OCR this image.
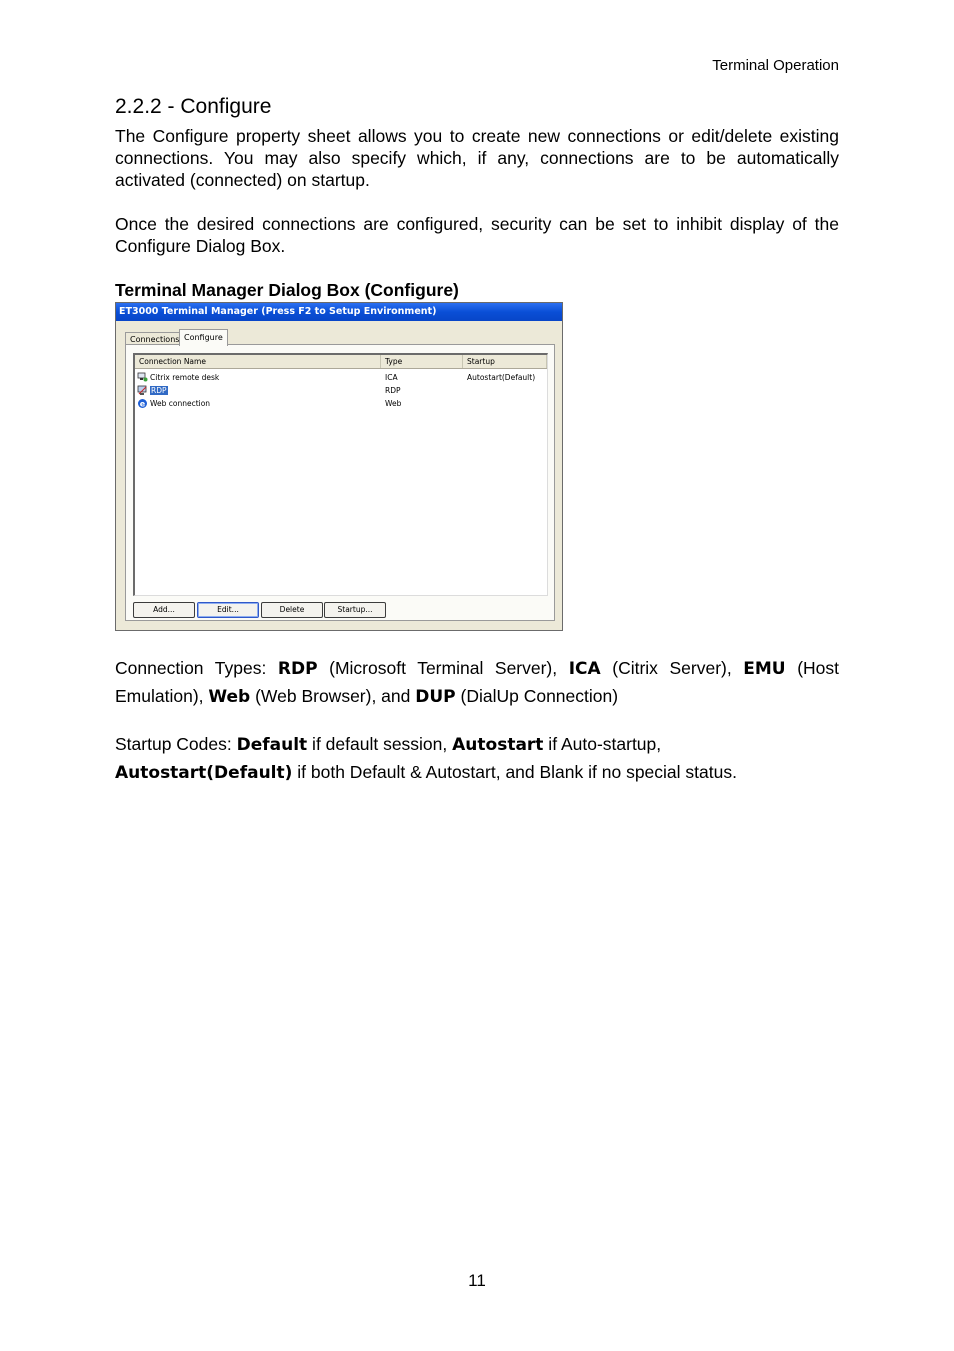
Terminal Operation
2.2.2 - Configure
The Configure property sheet allows you to create new connections or edit/delete existing connections. You may also specify which, if any, connections are to be automatically activated (connected) on startup.
Once the desired connections are configured, security can be set to inhibit display of the Configure Dialog Box.
Terminal Manager Dialog Box (Configure)
ET3000 Terminal Manager (Press F2 to Setup Environment)
Connections Configure
Connection Name	Type	Startup
Citrix remote desk	ICA	Autostart(Default)
RDP	RDP
e Web connection	Web
Add...	Edit...	Delete	Startup...
Connection Types: RDP (Microsoft Terminal Server), ICA (Citrix Server), EMU (Host Emulation), Web (Web Browser), and DUP (DialUp Connection)
Startup Codes: Default if default session, Autostart if Auto-startup,
Autostart(Default) if both Default & Autostart, and Blank if no special status.
11
